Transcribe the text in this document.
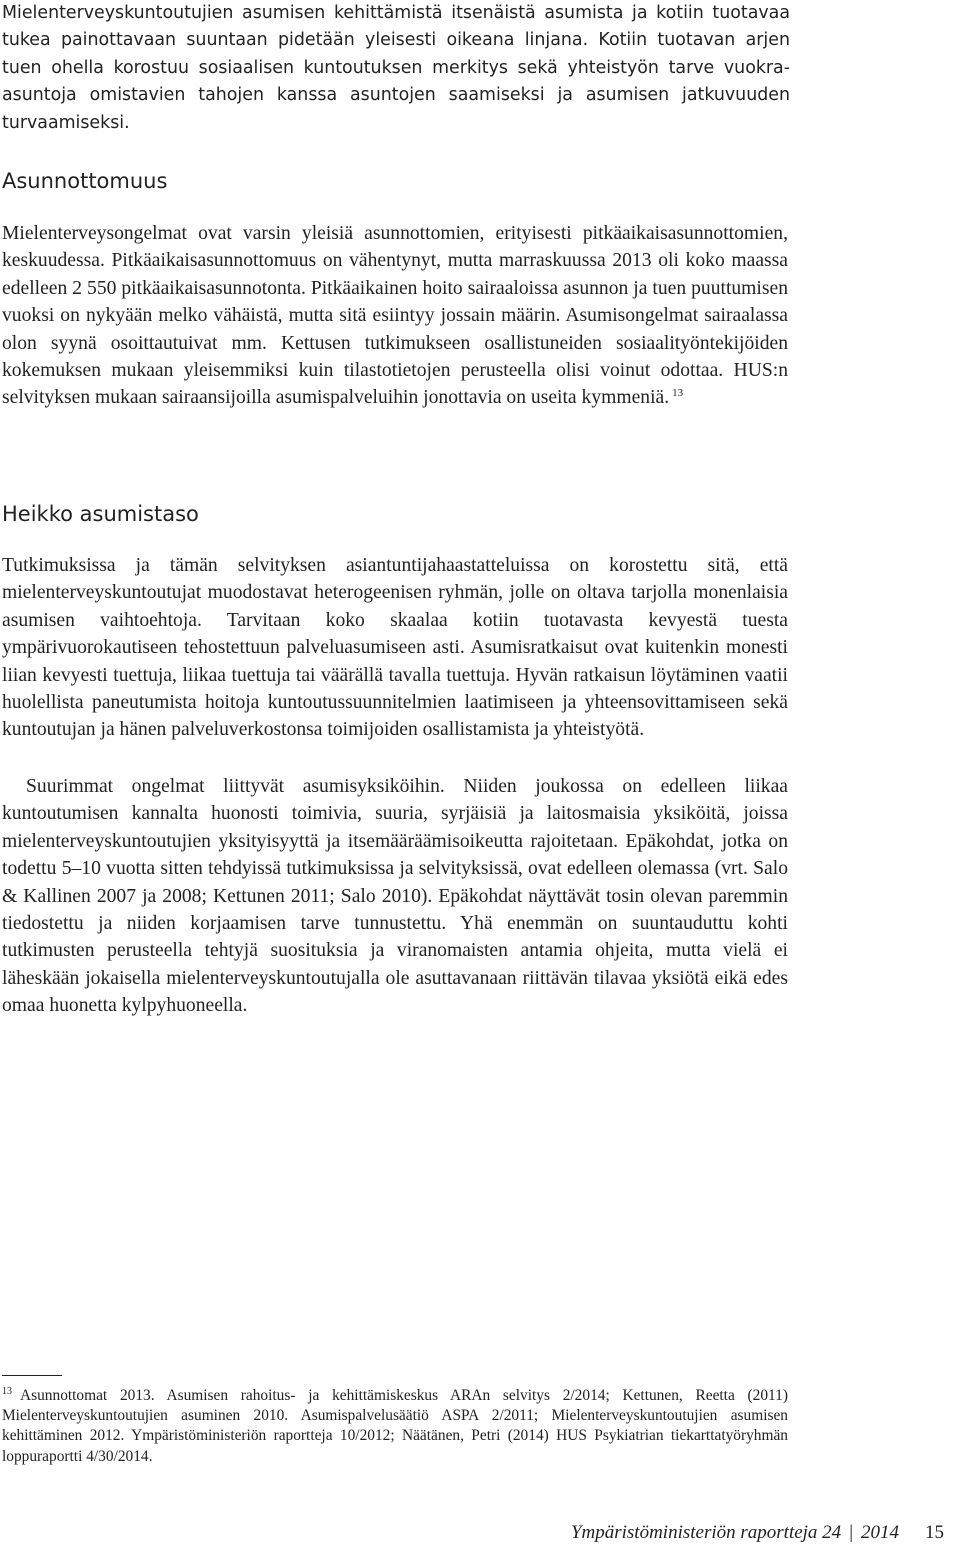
Mielenterveyskuntoutujien asumisen kehittämistä itsenäistä asumista ja kotiin tuotavaa tukea painottavaan suuntaan pidetään yleisesti oikeana linjana. Kotiin tuotavan arjen tuen ohella korostuu sosiaalisen kuntoutuksen merkitys sekä yhteistyön tarve vuokra-asuntoja omistavien tahojen kanssa asuntojen saamiseksi ja asumisen jatkuvuuden turvaamiseksi.

Asunnottomuus

Mielenterveysongelmat ovat varsin yleisiä asunnottomien, erityisesti pitkäaikaisasunnottomien, keskuudessa. Pitkäaikaisasunnottomuus on vähentynyt, mutta marraskuussa 2013 oli koko maassa edelleen 2 550 pitkäaikaisasunnotonta. Pitkäaikainen hoito sairaaloissa asunnon ja tuen puuttumisen vuoksi on nykyään melko vähäistä, mutta sitä esiintyy jossain määrin. Asumisongelmat sairaalassa olon syynä osoittautuivat mm. Kettusen tutkimukseen osallistuneiden sosiaalityöntekijöiden kokemuksen mukaan yleisemmiksi kuin tilastotietojen perusteella olisi voinut odottaa. HUS:n selvityksen mukaan sairaansijoilla asumispalveluihin jonottavia on useita kymmeniä. $^{13}$

Heikko asumistaso

Tutkimuksissa ja tämän selvityksen asiantuntijahaastatteluissa on korostettu sitä, että mielenterveyskuntoutujat muodostavat heterogeenisen ryhmän, jolle on oltava tarjolla monenlaisia asumisen vaihtoehtoja. Tarvitaan koko skaalaa kotiin tuotavasta kevyestä tuesta ympärivuorokautiseen tehostettuun palveluasumiseen asti. Asumisratkaisut ovat kuitenkin monesti liian kevyesti tuettuja, liikaa tuettuja tai väärällä tavalla tuettuja. Hyvän ratkaisun löytäminen vaatii huolellista paneutumista hoitoja kuntoutussuunnitelmien laatimiseen ja yhteensovittamiseen sekä kuntoutujan ja hänen palveluverkostonsa toimijoiden osallistamista ja yhteistyötä.

Suurimmat ongelmat liittyvät asumisyksiköihin. Niiden joukossa on edelleen liikaa kuntoutumisen kannalta huonosti toimivia, suuria, syrjäisiä ja laitosmaisia yksiköitä, joissa mielenterveyskuntoutujien yksityisyyttä ja itsemääräämisoikeutta rajoitetaan. Epäkohdat, jotka on todettu 5–10 vuotta sitten tehdyissä tutkimuksissa ja selvityksissä, ovat edelleen olemassa (vrt. Salo & Kallinen 2007 ja 2008; Kettunen 2011; Salo 2010). Epäkohdat näyttävät tosin olevan paremmin tiedostettu ja niiden korjaamisen tarve tunnustettu. Yhä enemmän on suuntauduttu kohti tutkimusten perusteella tehtyjä suosituksia ja viranomaisten antamia ohjeita, mutta vielä ei läheskään jokaisella mielenterveyskuntoutujalla ole asuttavanaan riittävän tilavaa yksiötä eikä edes omaa huonetta kylpyhuoneella.

$^{13}$ Asunnottomat 2013. Asumisen rahoitus- ja kehittämiskeskus ARAn selvitys 2/2014; Kettunen, Reetta (2011) Mielenterveyskuntoutujien asuminen 2010. Asumispalvelusäätiö ASPA 2/2011; Mielenterveyskuntoutujien asumisen kehittäminen 2012. Ympäristöministeriön raportteja 10/2012; Näätänen, Petri (2014) HUS Psykiatrian tiekarttatyöryhmän loppuraportti 4/30/2014.

Ympäristöministeriön raportteja 24 | 2014 15
